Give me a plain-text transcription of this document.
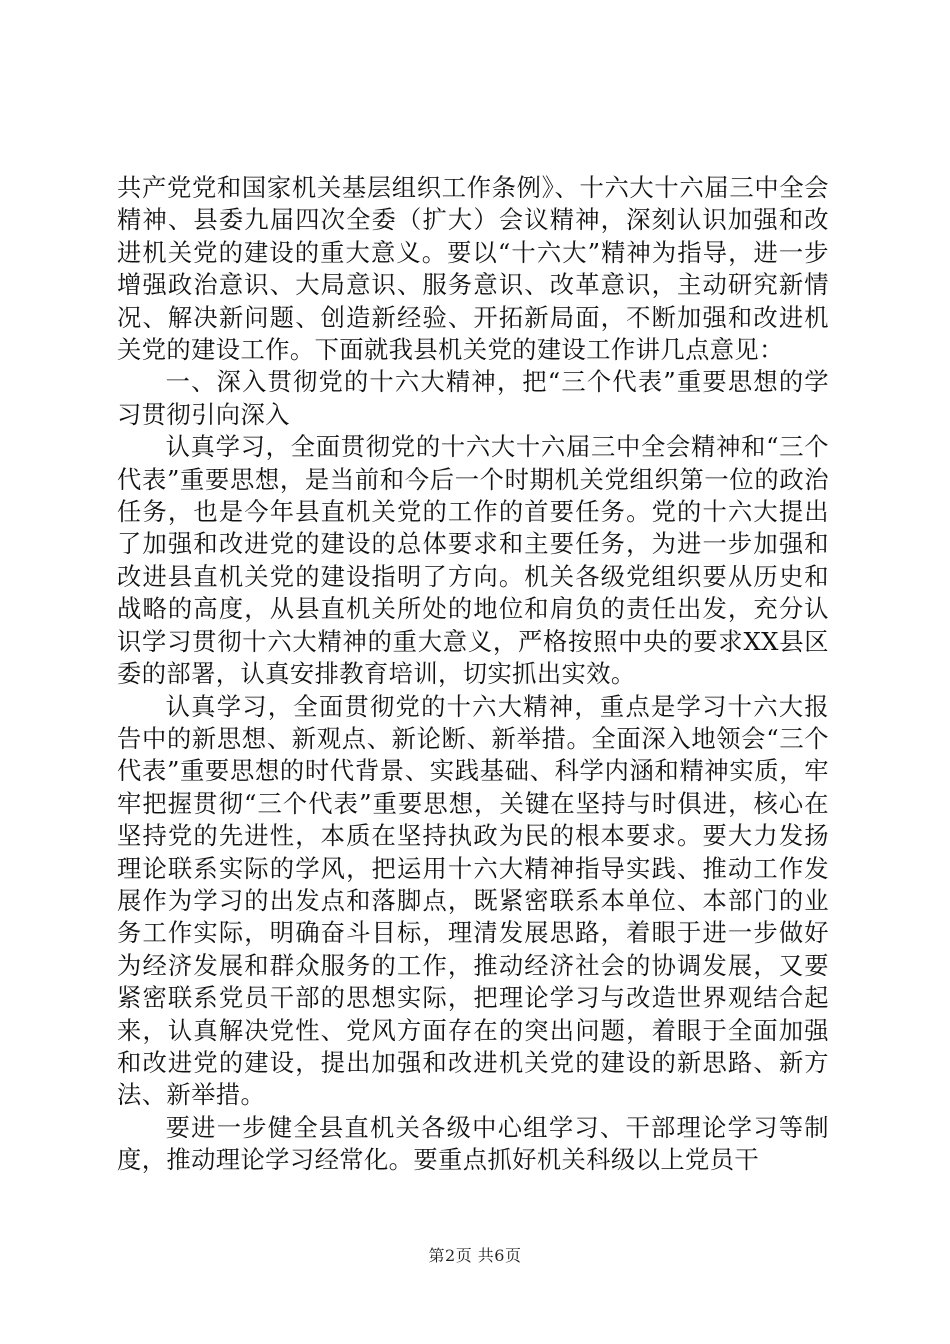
共产党党和国家机关基层组织工作条例》、十六大十六届三中全会精神、县委九届四次全委（扩大）会议精神，深刻认识加强和改进机关党的建设的重大意义。要以“十六大”精神为指导，进一步增强政治意识、大局意识、服务意识、改革意识，主动研究新情况、解决新问题、创造新经验、开拓新局面，不断加强和改进机关党的建设工作。下面就我县机关党的建设工作讲几点意见：

一、深入贯彻党的十六大精神，把“三个代表”重要思想的学习贯彻引向深入

认真学习，全面贯彻党的十六大十六届三中全会精神和“三个代表”重要思想，是当前和今后一个时期机关党组织第一位的政治任务，也是今年县直机关党的工作的首要任务。党的十六大提出了加强和改进党的建设的总体要求和主要任务，为进一步加强和改进县直机关党的建设指明了方向。机关各级党组织要从历史和战略的高度，从县直机关所处的地位和肩负的责任出发，充分认识学习贯彻十六大精神的重大意义，严格按照中央的要求XX县区委的部署，认真安排教育培训，切实抓出实效。

认真学习，全面贯彻党的十六大精神，重点是学习十六大报告中的新思想、新观点、新论断、新举措。全面深入地领会“三个代表”重要思想的时代背景、实践基础、科学内涵和精神实质，牢牢把握贯彻“三个代表”重要思想，关键在坚持与时俱进，核心在坚持党的先进性，本质在坚持执政为民的根本要求。要大力发扬理论联系实际的学风，把运用十六大精神指导实践、推动工作发展作为学习的出发点和落脚点，既紧密联系本单位、本部门的业务工作实际，明确奋斗目标，理清发展思路，着眼于进一步做好为经济发展和群众服务的工作，推动经济社会的协调发展，又要紧密联系党员干部的思想实际，把理论学习与改造世界观结合起来，认真解决党性、党风方面存在的突出问题，着眼于全面加强和改进党的建设，提出加强和改进机关党的建设的新思路、新方法、新举措。

要进一步健全县直机关各级中心组学习、干部理论学习等制度，推动理论学习经常化。要重点抓好机关科级以上党员干

第2页 共6页
